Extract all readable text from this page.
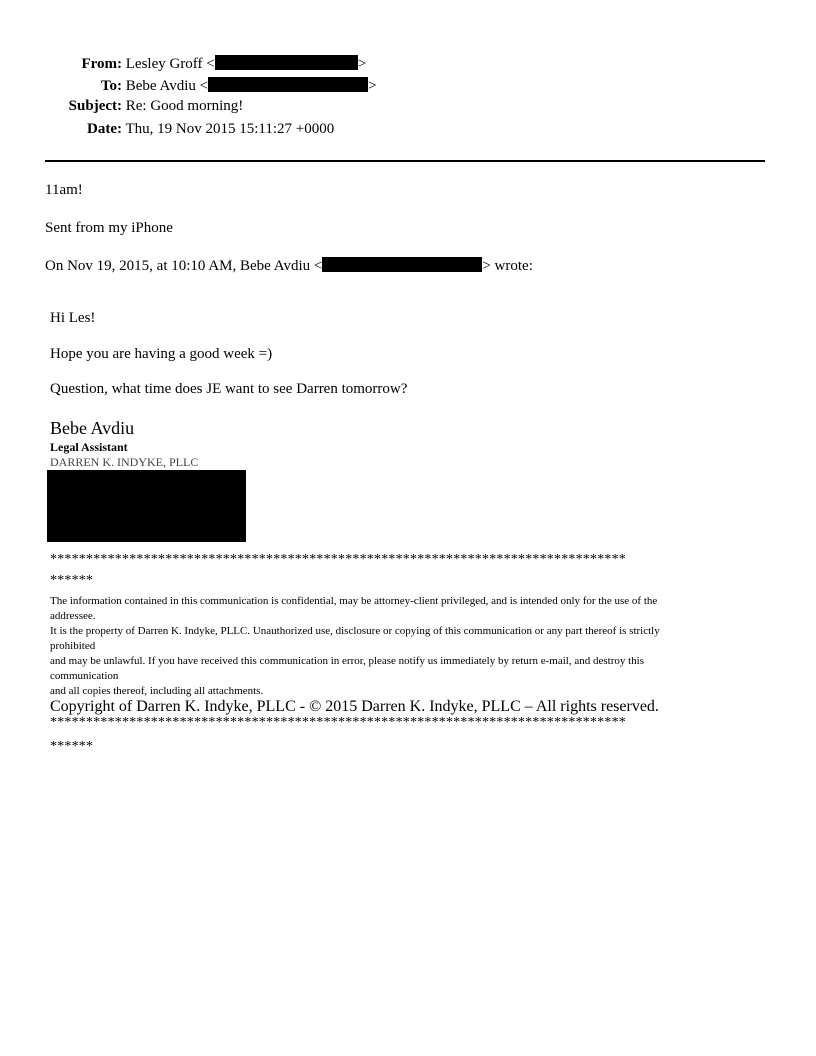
From: Lesley Groff <	>
To: Bebe Avdiu <	>
Subject: Re: Good morning!
Date: Thu, 19 Nov 2015 15:11:27 +0000
11am!
Sent from my iPhone
On Nov 19, 2015, at 10:10 AM, Bebe Avdiu <	> wrote:
Hi Les!
Hope you are having a good week =)
Question, what time does JE want to see Darren tomorrow?
Bebe Avdiu
Legal Assistant
DARREN K. INDYKE, PLLC
********************************************************************************
******
The information contained in this communication is confidential, may be attorney-client privileged, and is intended only for the use of the
addressee.
It is the property of Darren K. Indyke, PLLC. Unauthorized use, disclosure or copying of this communication or any part thereof is strictly
prohibited
and may be unlawful. If you have received this communication in error, please notify us immediately by return e-mail, and destroy this
communication
and all copies thereof, including all attachments.
Copyright of Darren K. Indyke, PLLC - © 2015 Darren K. Indyke, PLLC – All rights reserved.
********************************************************************************
******
